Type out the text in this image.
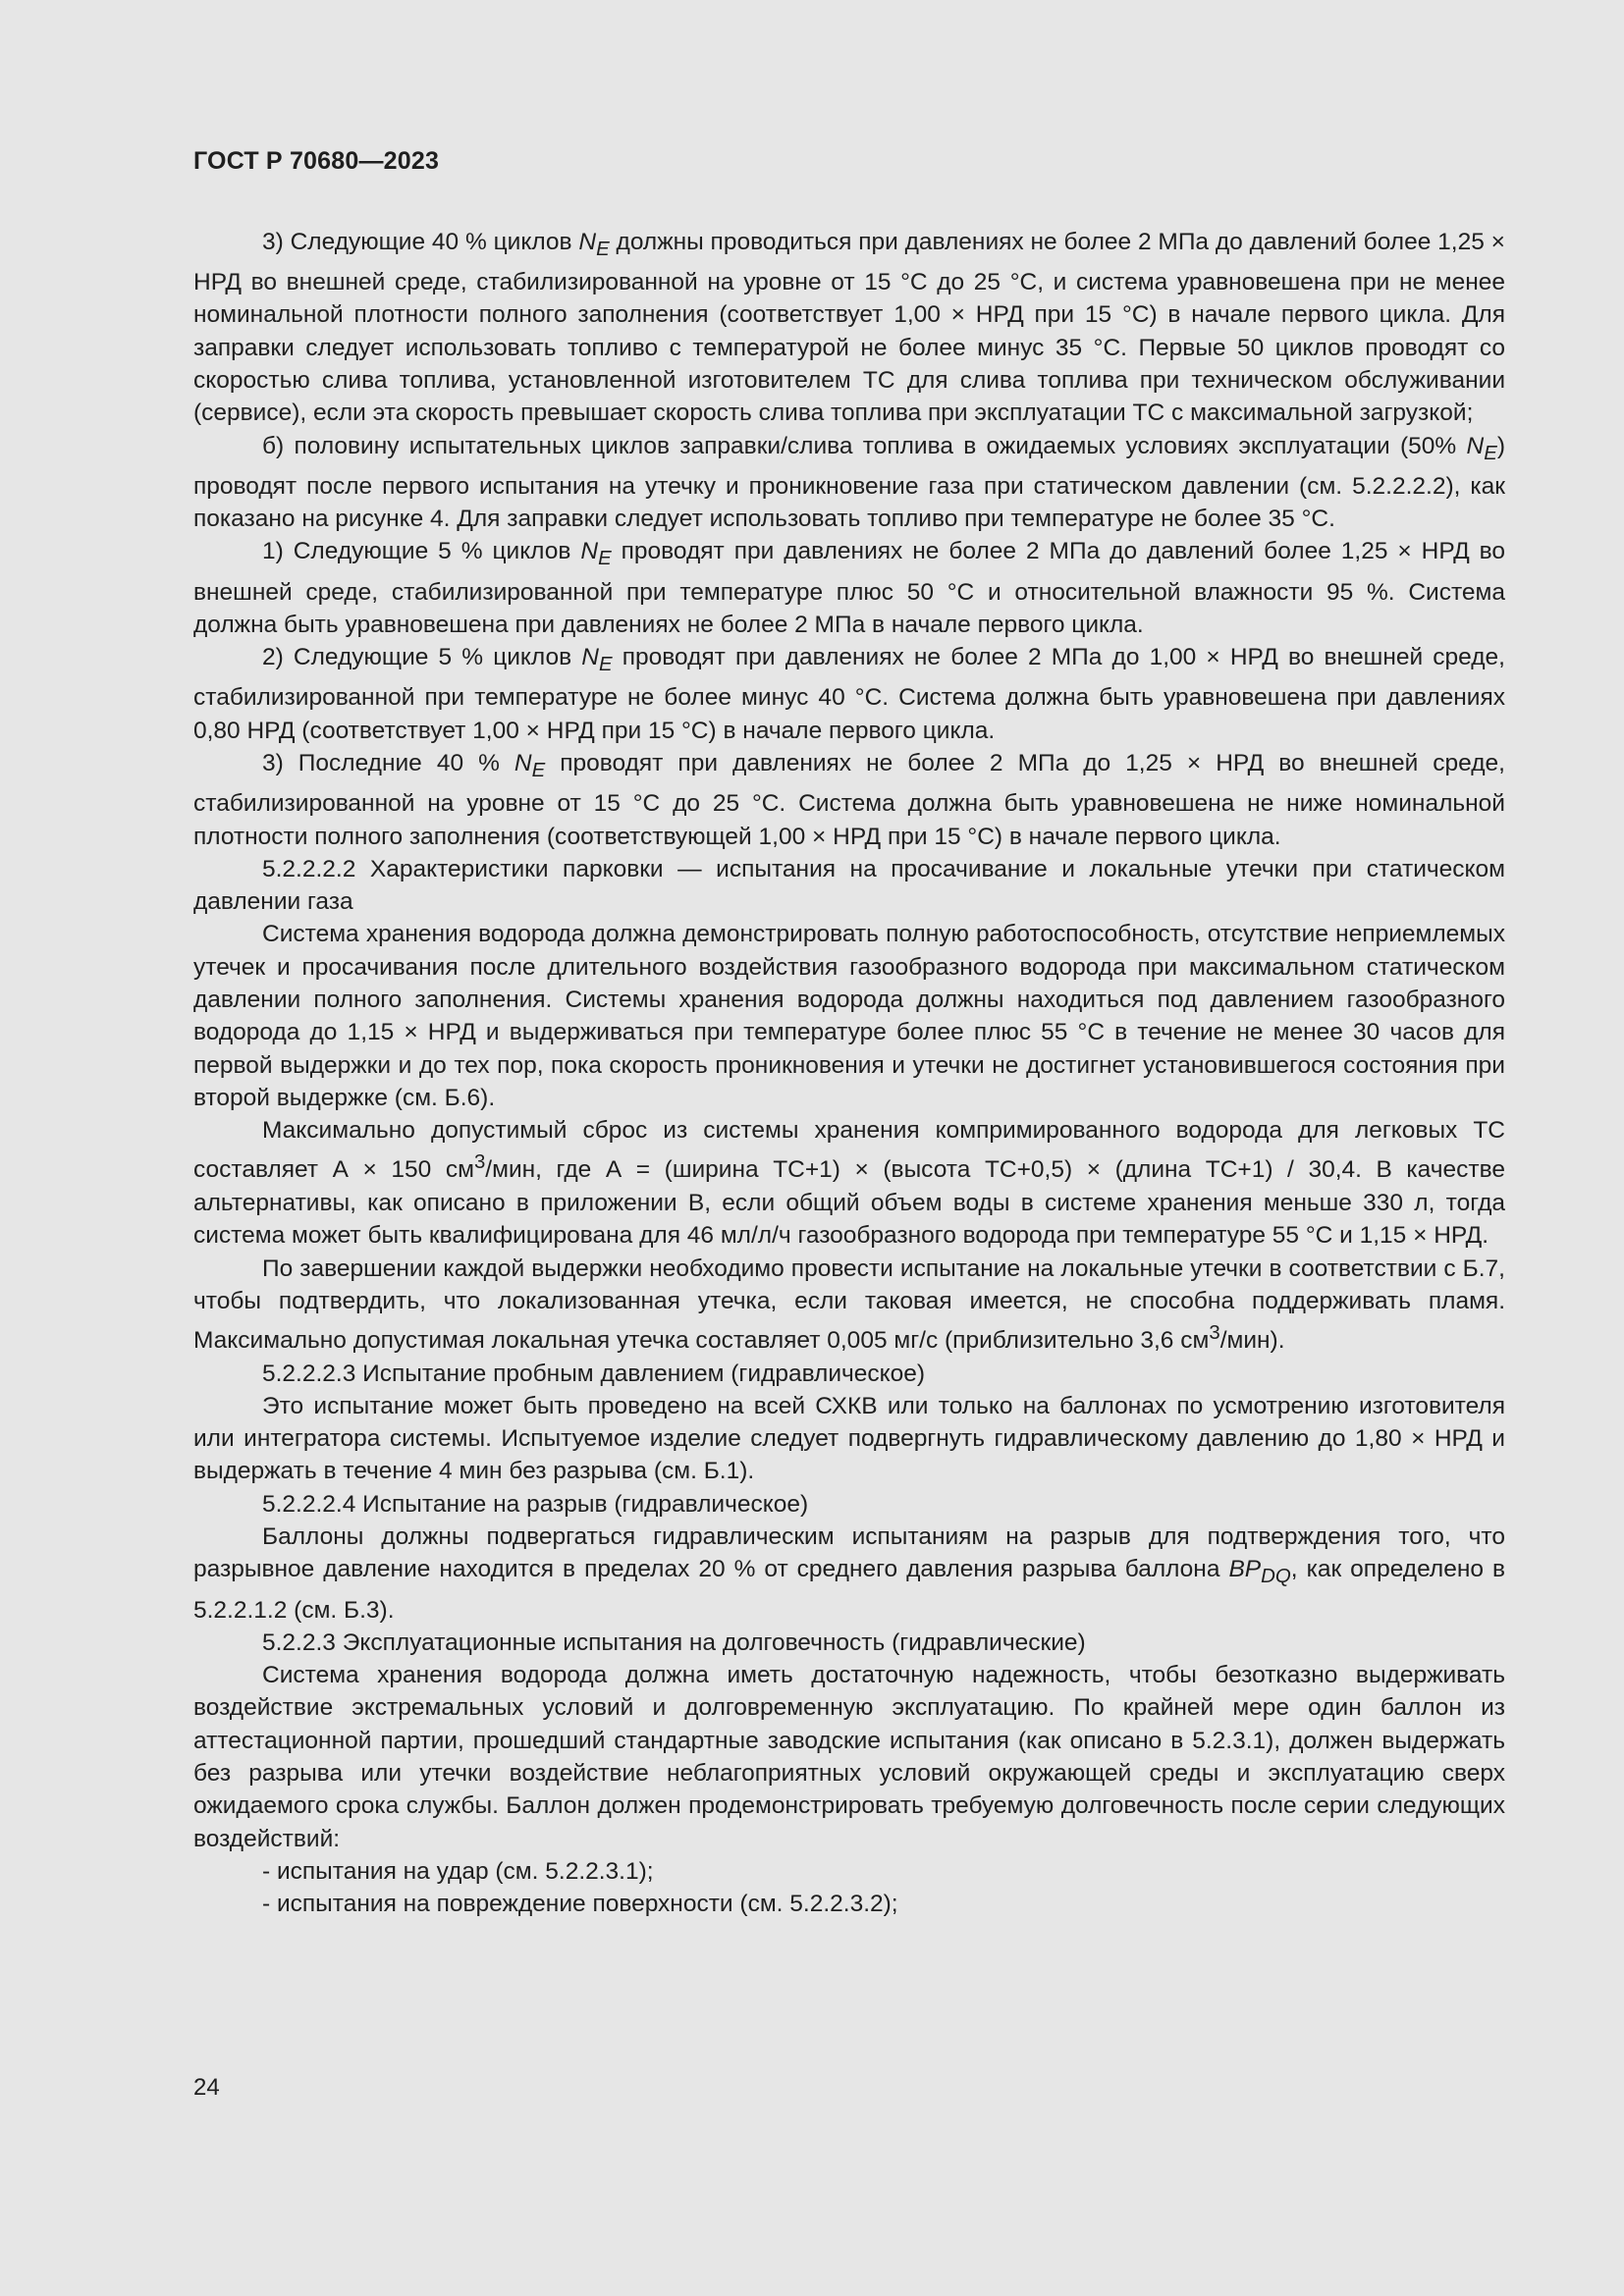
ГОСТ Р 70680—2023

3) Следующие 40 % циклов $N_E$ должны проводиться при давлениях не более 2 МПа до давлений более 1,25 × НРД во внешней среде, стабилизированной на уровне от 15 °С до 25 °С, и система уравновешена при не менее номинальной плотности полного заполнения (соответствует 1,00 × НРД при 15 °С) в начале первого цикла. Для заправки следует использовать топливо с температурой не более минус 35 °С. Первые 50 циклов проводят со скоростью слива топлива, установленной изготовителем ТС для слива топлива при техническом обслуживании (сервисе), если эта скорость превышает скорость слива топлива при эксплуатации ТС с максимальной загрузкой;

б) половину испытательных циклов заправки/слива топлива в ожидаемых условиях эксплуатации (50% $N_E$) проводят после первого испытания на утечку и проникновение газа при статическом давлении (см. 5.2.2.2.2), как показано на рисунке 4. Для заправки следует использовать топливо при температуре не более 35 °С.

1) Следующие 5 % циклов $N_E$ проводят при давлениях не более 2 МПа до давлений более 1,25 × НРД во внешней среде, стабилизированной при температуре плюс 50 °С и относительной влажности 95 %. Система должна быть уравновешена при давлениях не более 2 МПа в начале первого цикла.

2) Следующие 5 % циклов $N_E$ проводят при давлениях не более 2 МПа до 1,00 × НРД во внешней среде, стабилизированной при температуре не более минус 40 °С. Система должна быть уравновешена при давлениях 0,80 НРД (соответствует 1,00 × НРД при 15 °С) в начале первого цикла.

3) Последние 40 % $N_E$ проводят при давлениях не более 2 МПа до 1,25 × НРД во внешней среде, стабилизированной на уровне от 15 °С до 25 °С. Система должна быть уравновешена не ниже номинальной плотности полного заполнения (соответствующей 1,00 × НРД при 15 °С) в начале первого цикла.

5.2.2.2.2 Характеристики парковки — испытания на просачивание и локальные утечки при статическом давлении газа

Система хранения водорода должна демонстрировать полную работоспособность, отсутствие неприемлемых утечек и просачивания после длительного воздействия газообразного водорода при максимальном статическом давлении полного заполнения. Системы хранения водорода должны находиться под давлением газообразного водорода до 1,15 × НРД и выдерживаться при температуре более плюс 55 °С в течение не менее 30 часов для первой выдержки и до тех пор, пока скорость проникновения и утечки не достигнет установившегося состояния при второй выдержке (см. Б.6).

Максимально допустимый сброс из системы хранения компримированного водорода для легковых ТС составляет А × 150 $см^3$/мин, где А = (ширина ТС+1) × (высота ТС+0,5) × (длина ТС+1) / 30,4. В качестве альтернативы, как описано в приложении В, если общий объем воды в системе хранения меньше 330 л, тогда система может быть квалифицирована для 46 мл/л/ч газообразного водорода при температуре 55 °С и 1,15 × НРД.

По завершении каждой выдержки необходимо провести испытание на локальные утечки в соответствии с Б.7, чтобы подтвердить, что локализованная утечка, если таковая имеется, не способна поддерживать пламя. Максимально допустимая локальная утечка составляет 0,005 мг/с (приблизительно 3,6 $см^3/мин$).

5.2.2.2.3 Испытание пробным давлением (гидравлическое)

Это испытание может быть проведено на всей СХКВ или только на баллонах по усмотрению изготовителя или интегратора системы. Испытуемое изделие следует подвергнуть гидравлическому давлению до 1,80 × НРД и выдержать в течение 4 мин без разрыва (см. Б.1).

5.2.2.2.4 Испытание на разрыв (гидравлическое)

Баллоны должны подвергаться гидравлическим испытаниям на разрыв для подтверждения того, что разрывное давление находится в пределах 20 % от среднего давления разрыва баллона $BP_{DQ}$, как определено в 5.2.2.1.2 (см. Б.3).

5.2.2.3 Эксплуатационные испытания на долговечность (гидравлические)

Система хранения водорода должна иметь достаточную надежность, чтобы безотказно выдерживать воздействие экстремальных условий и долговременную эксплуатацию. По крайней мере один баллон из аттестационной партии, прошедший стандартные заводские испытания (как описано в 5.2.3.1), должен выдержать без разрыва или утечки воздействие неблагоприятных условий окружающей среды и эксплуатацию сверх ожидаемого срока службы. Баллон должен продемонстрировать требуемую долговечность после серии следующих воздействий:

- испытания на удар (см. 5.2.2.3.1);

- испытания на повреждение поверхности (см. 5.2.2.3.2);

24
